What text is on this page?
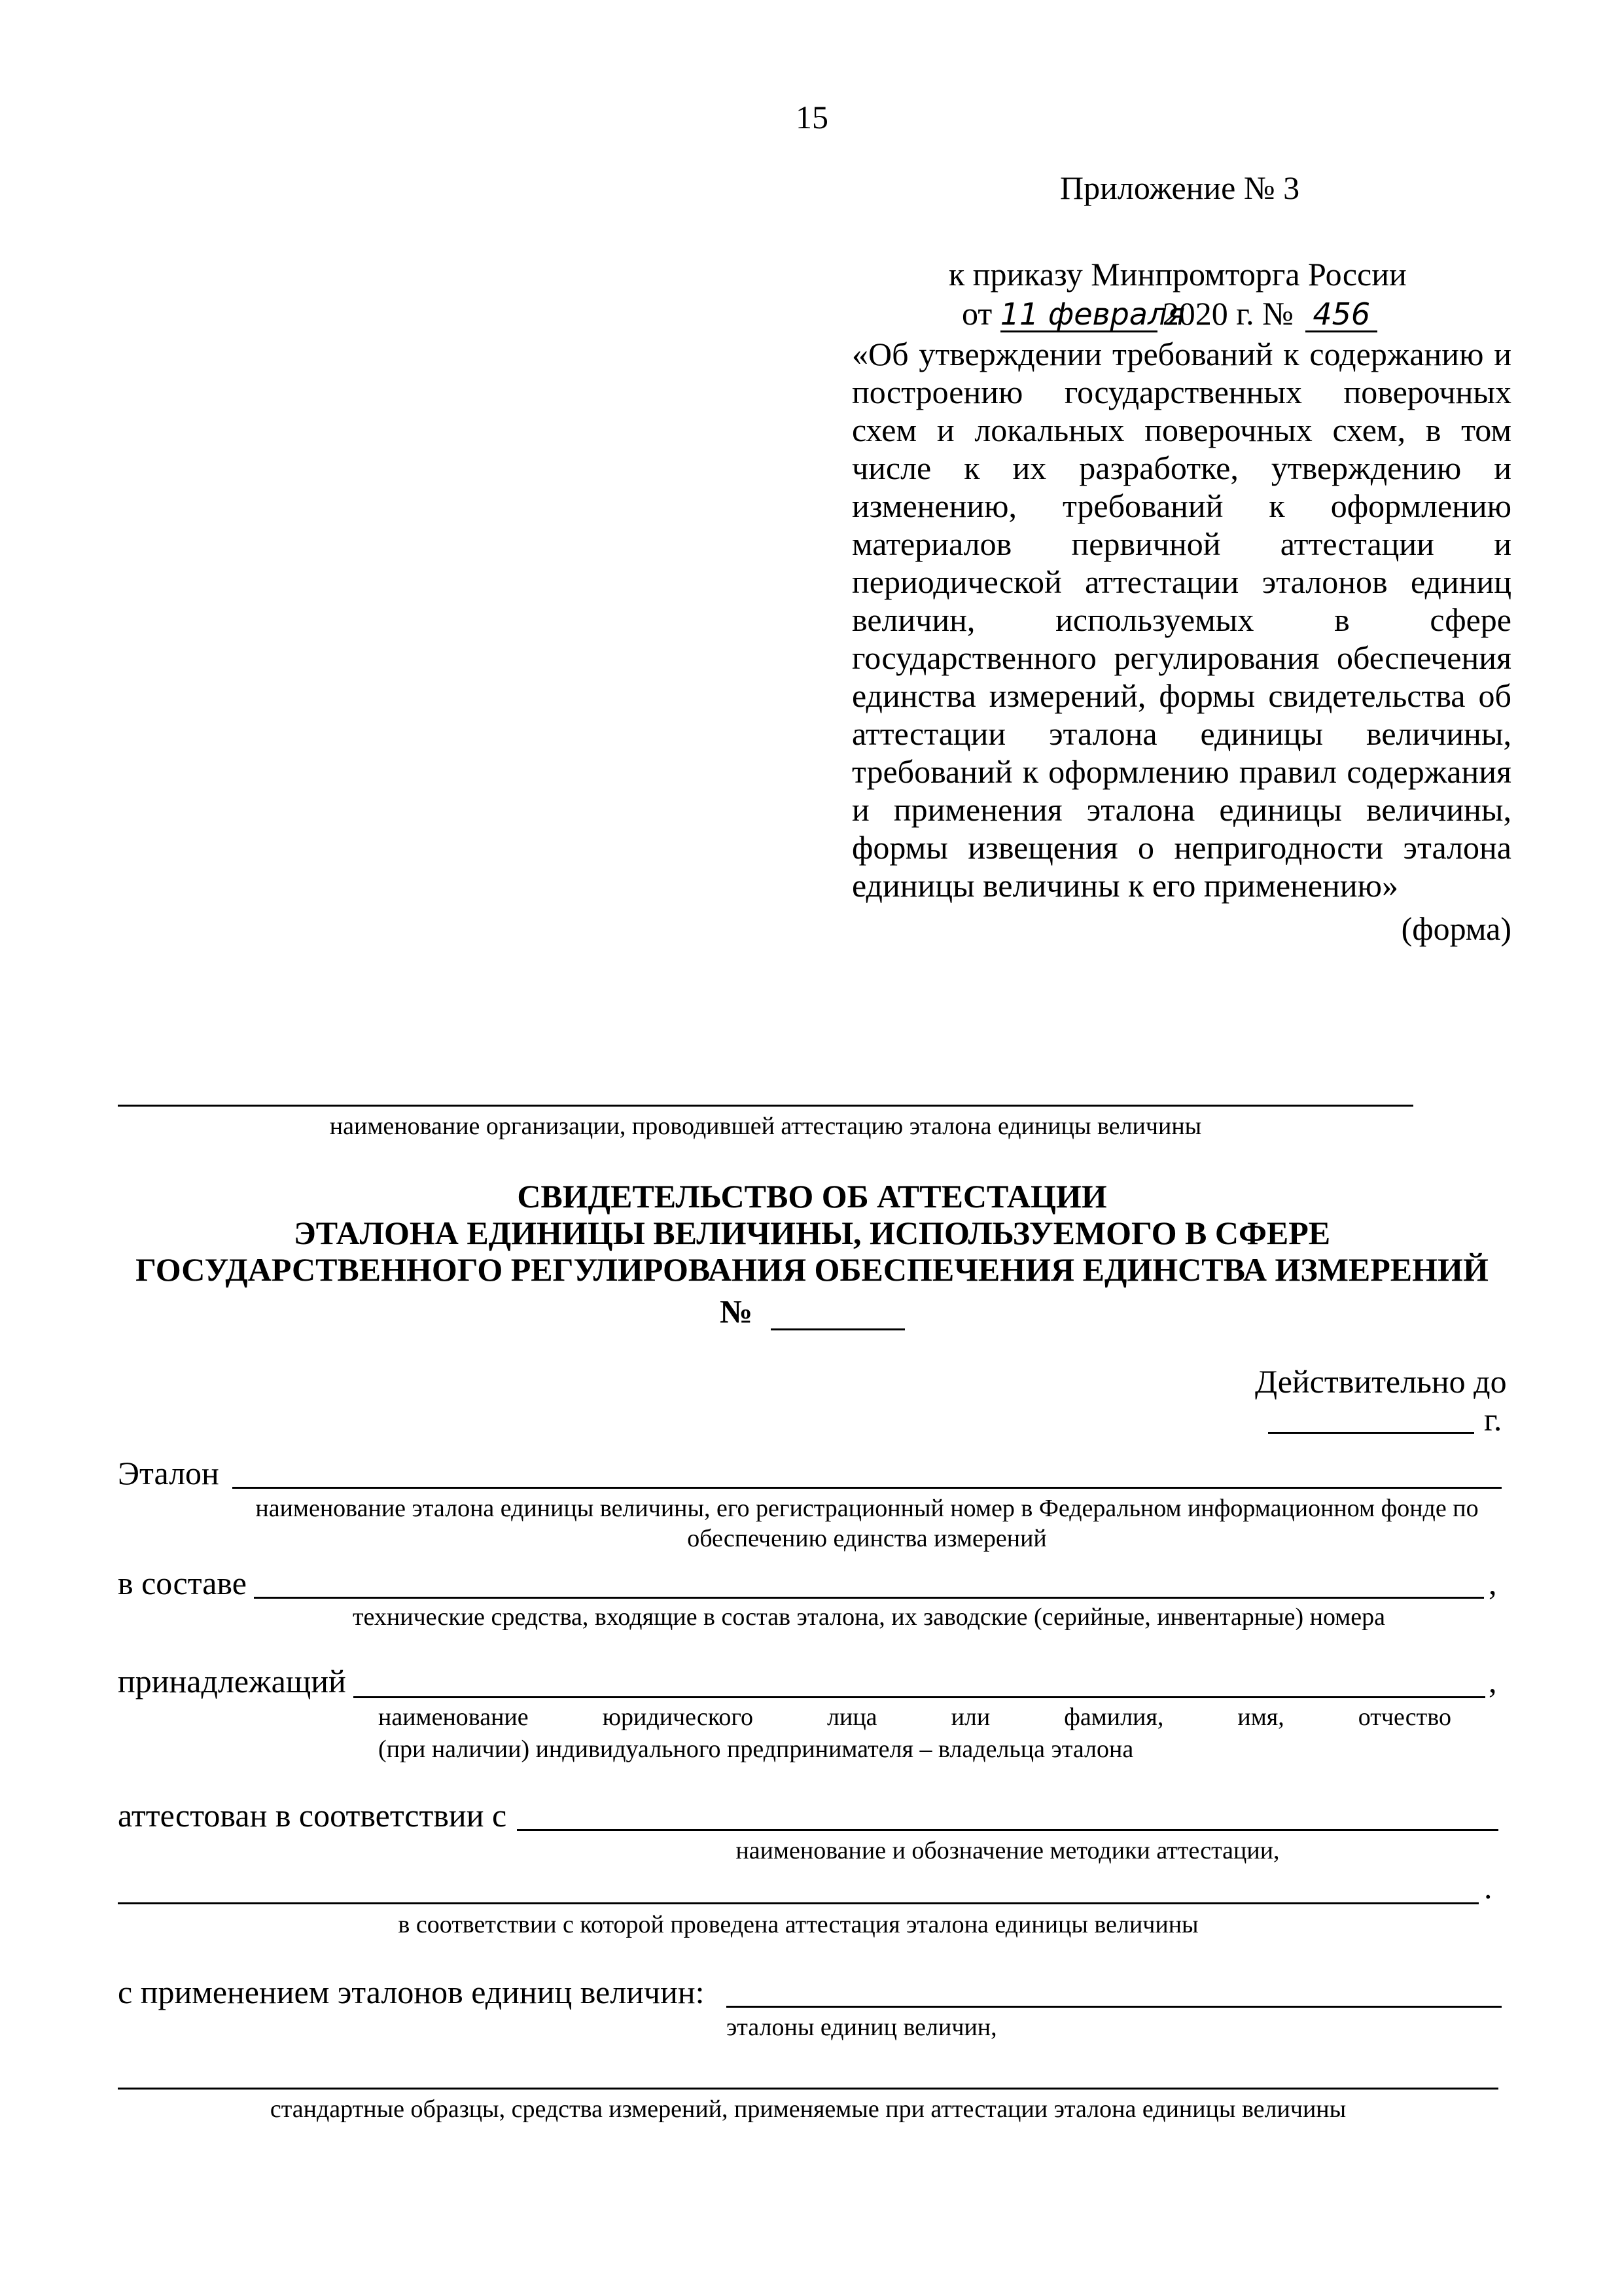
15
Приложение № 3
к приказу Минпромторга России
от 11 февраля2020 г. № 456
«Об утверждении требований к содержанию и построению государственных поверочных схем и локальных поверочных схем, в том числе к их разработке, утверждению и изменению, требований к оформлению материалов первичной аттестации и периодической аттестации эталонов единиц величин, используемых в сфере государственного регулирования обеспечения единства измерений, формы свидетельства об аттестации эталона единицы величины, требований к оформлению правил содержания и применения эталона единицы величины, формы извещения о непригодности эталона единицы величины к его применению»
(форма)
наименование организации, проводившей аттестацию эталона единицы величины
СВИДЕТЕЛЬСТВО ОБ АТТЕСТАЦИИ
ЭТАЛОНА ЕДИНИЦЫ ВЕЛИЧИНЫ, ИСПОЛЬЗУЕМОГО В СФЕРЕ
ГОСУДАРСТВЕННОГО РЕГУЛИРОВАНИЯ ОБЕСПЕЧЕНИЯ ЕДИНСТВА ИЗМЕРЕНИЙ
№
Действительно до
г.
Эталон
наименование эталона единицы величины, его регистрационный номер в Федеральном информационном фонде по обеспечению единства измерений
в составе	,
технические средства, входящие в состав эталона, их заводские (серийные, инвентарные) номера
принадлежащий	,
наименование	юридического	лица	или	фамилия,	имя,	отчество
(при наличии) индивидуального предпринимателя – владельца эталона
аттестован в соответствии с
наименование и обозначение методики аттестации,
.
в соответствии с которой проведена аттестация эталона единицы величины
с применением эталонов единиц величин:
эталоны единиц величин,
стандартные образцы, средства измерений, применяемые при аттестации эталона единицы величины
